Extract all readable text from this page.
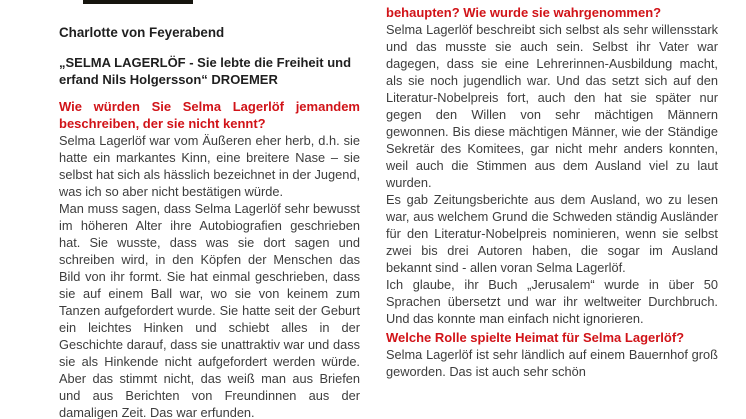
Charlotte von Feyerabend
„SELMA LAGERLÖF - Sie lebte die Freiheit und erfand Nils Holgersson“ DROEMER
Wie würden Sie Selma Lagerlöf jemandem beschreiben, der sie nicht kennt?

Selma Lagerlöf war vom Äußeren eher herb, d.h. sie hatte ein markantes Kinn, eine breitere Nase – sie selbst hat sich als hässlich bezeichnet in der Jugend, was ich so aber nicht bestätigen würde.

Man muss sagen, dass Selma Lagerlöf sehr bewusst im höheren Alter ihre Autobiografien geschrieben hat. Sie wusste, dass was sie dort sagen und schreiben wird, in den Köpfen der Menschen das Bild von ihr formt. Sie hat einmal geschrieben, dass sie auf einem Ball war, wo sie von keinem zum Tanzen aufgefordert wurde. Sie hatte seit der Geburt ein leichtes Hinken und schiebt alles in der Geschichte darauf, dass sie unattraktiv war und dass sie als Hinkende nicht aufgefordert werden würde. Aber das stimmt nicht, das weiß man aus Briefen und aus Berichten von Freundinnen aus der damaligen Zeit. Das war erfunden.

behaupten? Wie wurde sie wahrgenommen?

Selma Lagerlöf beschreibt sich selbst als sehr willensstark und das musste sie auch sein. Selbst ihr Vater war dagegen, dass sie eine Lehrerinnen-Ausbildung macht, als sie noch jugendlich war. Und das setzt sich auf den Literatur-Nobelpreis fort, auch den hat sie später nur gegen den Willen von sehr mächtigen Männern gewonnen. Bis diese mächtigen Männer, wie der Ständige Sekretär des Komitees, gar nicht mehr anders konnten, weil auch die Stimmen aus dem Ausland viel zu laut wurden.

Es gab Zeitungsberichte aus dem Ausland, wo zu lesen war, aus welchem Grund die Schweden ständig Ausländer für den Literatur-Nobelpreis nominieren, wenn sie selbst zwei bis drei Autoren haben, die sogar im Ausland bekannt sind - allen voran Selma Lagerlöf.

Ich glaube, ihr Buch „Jerusalem“ wurde in über 50 Sprachen übersetzt und war ihr weltweiter Durchbruch. Und das konnte man einfach nicht ignorieren.

Welche Rolle spielte Heimat für Selma Lagerlöf?

Selma Lagerlöf ist sehr ländlich auf einem Bauernhof groß geworden. Das ist auch sehr schön
